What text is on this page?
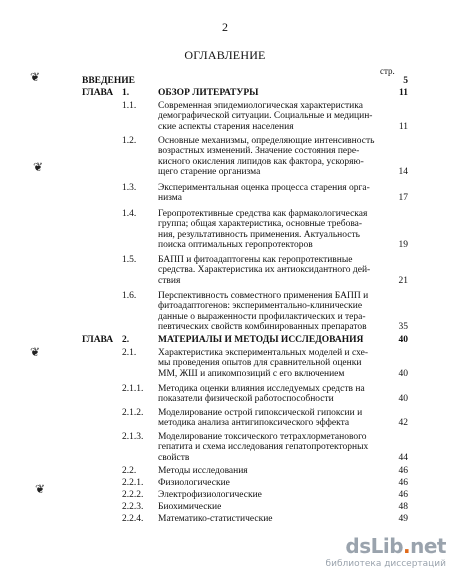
2
ОГЛАВЛЕНИЕ
стр.
❦
❦
❦
❦
ВВЕДЕНИЕ	5
ГЛАВА 1.	ОБЗОР ЛИТЕРАТУРЫ	11
1.1. Современная эпидемиологическая характеристика
демографической ситуации. Социальные и медицин-
ские аспекты старения населения	11
1.2. Основные механизмы, определяющие интенсивность
возрастных изменений. Значение состояния пере-
кисного окисления липидов как фактора, ускоряю-
щего старение организма	14
1.3. Экспериментальная оценка процесса старения орга-
низма	17
1.4. Геропротективные средства как фармакологическая
группа; общая характеристика, основные требова-
ния, результативность применения. Актуальность
поиска оптимальных геропротекторов	19
1.5. БАПП и фитоадаптогены как геропротективные
средства. Характеристика их антиоксидантного дей-
ствия	21
1.6. Перспективность совместного применения БАПП и
фитоадаптогенов: экспериментально-клинические
данные о выраженности профилактических и тера-
певтических свойств комбинированных препаратов	35
ГЛАВА 2.	МАТЕРИАЛЫ И МЕТОДЫ ИССЛЕДОВАНИЯ	40
2.1. Характеристика экспериментальных моделей и схе-
мы проведения опытов для сравнительной оценки
ММ, ЖШ и апикомпозиций с его включением	40
2.1.1. Методика оценки влияния исследуемых средств на
показатели физической работоспособности	40
2.1.2. Моделирование острой гипоксической гипоксии и
методика анализа антигипоксического эффекта	42
2.1.3. Моделирование токсического тетрахлорметанового
гепатита и схема исследования гепатопротекторных
свойств	44
2.2. Методы исследования	46
2.2.1. Физиологические	46
2.2.2. Электрофизиологические	46
2.2.3. Биохимические	48
2.2.4. Математико-статистические	49
dsLib.net
библиотека диссертаций
